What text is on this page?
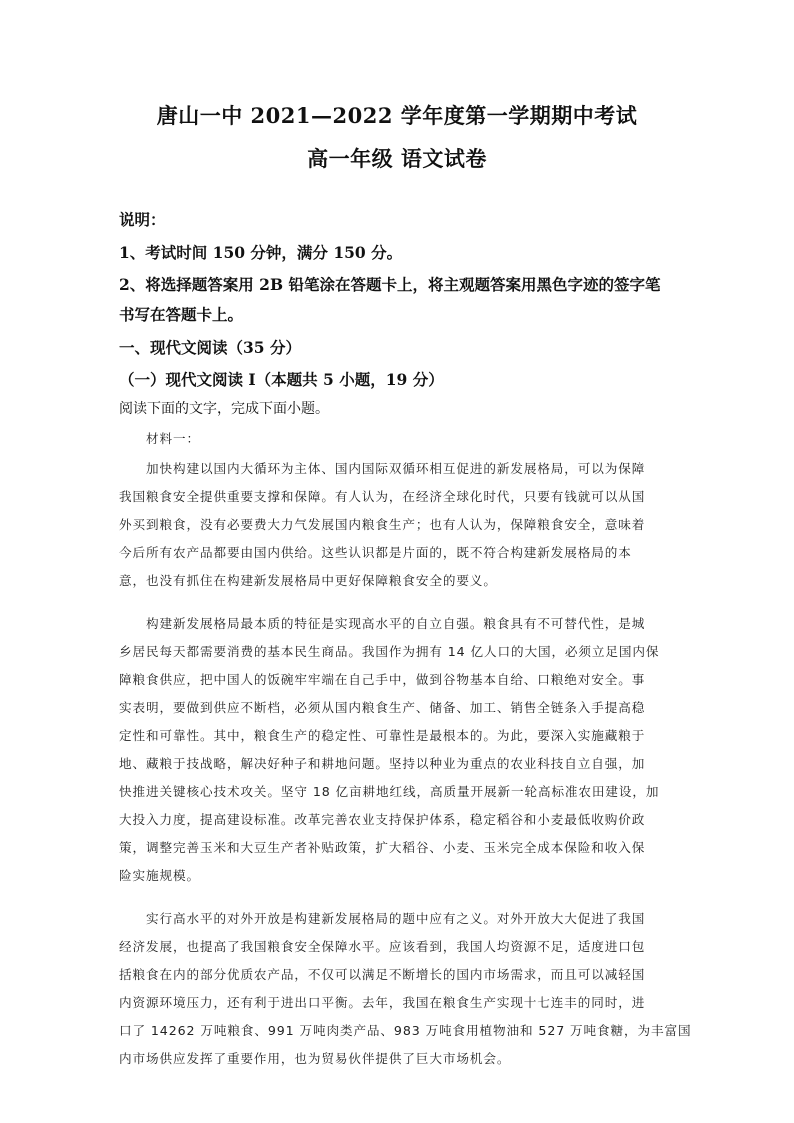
唐山一中 2021—2022 学年度第一学期期中考试
高一年级 语文试卷
说明：
1、考试时间 150 分钟，满分 150 分。
2、将选择题答案用 2B 铅笔涂在答题卡上，将主观题答案用黑色字迹的签字笔
书写在答题卡上。
一、现代文阅读（35 分）
（一）现代文阅读 I（本题共 5 小题，19 分）
阅读下面的文字，完成下面小题。
材料一：
加快构建以国内大循环为主体、国内国际双循环相互促进的新发展格局，可以为保障
我国粮食安全提供重要支撑和保障。有人认为，在经济全球化时代，只要有钱就可以从国
外买到粮食，没有必要费大力气发展国内粮食生产；也有人认为，保障粮食安全，意味着
今后所有农产品都要由国内供给。这些认识都是片面的，既不符合构建新发展格局的本
意，也没有抓住在构建新发展格局中更好保障粮食安全的要义。
构建新发展格局最本质的特征是实现高水平的自立自强。粮食具有不可替代性，是城
乡居民每天都需要消费的基本民生商品。我国作为拥有 14 亿人口的大国，必须立足国内保
障粮食供应，把中国人的饭碗牢牢端在自己手中，做到谷物基本自给、口粮绝对安全。事
实表明，要做到供应不断档，必须从国内粮食生产、储备、加工、销售全链条入手提高稳
定性和可靠性。其中，粮食生产的稳定性、可靠性是最根本的。为此，要深入实施藏粮于
地、藏粮于技战略，解决好种子和耕地问题。坚持以种业为重点的农业科技自立自强，加
快推进关键核心技术攻关。坚守 18 亿亩耕地红线，高质量开展新一轮高标准农田建设，加
大投入力度，提高建设标准。改革完善农业支持保护体系，稳定稻谷和小麦最低收购价政
策，调整完善玉米和大豆生产者补贴政策，扩大稻谷、小麦、玉米完全成本保险和收入保
险实施规模。
实行高水平的对外开放是构建新发展格局的题中应有之义。对外开放大大促进了我国
经济发展，也提高了我国粮食安全保障水平。应该看到，我国人均资源不足，适度进口包
括粮食在内的部分优质农产品，不仅可以满足不断增长的国内市场需求，而且可以减轻国
内资源环境压力，还有利于进出口平衡。去年，我国在粮食生产实现十七连丰的同时，进
口了 14262 万吨粮食、991 万吨肉类产品、983 万吨食用植物油和 527 万吨食糖，为丰富国
内市场供应发挥了重要作用，也为贸易伙伴提供了巨大市场机会。
